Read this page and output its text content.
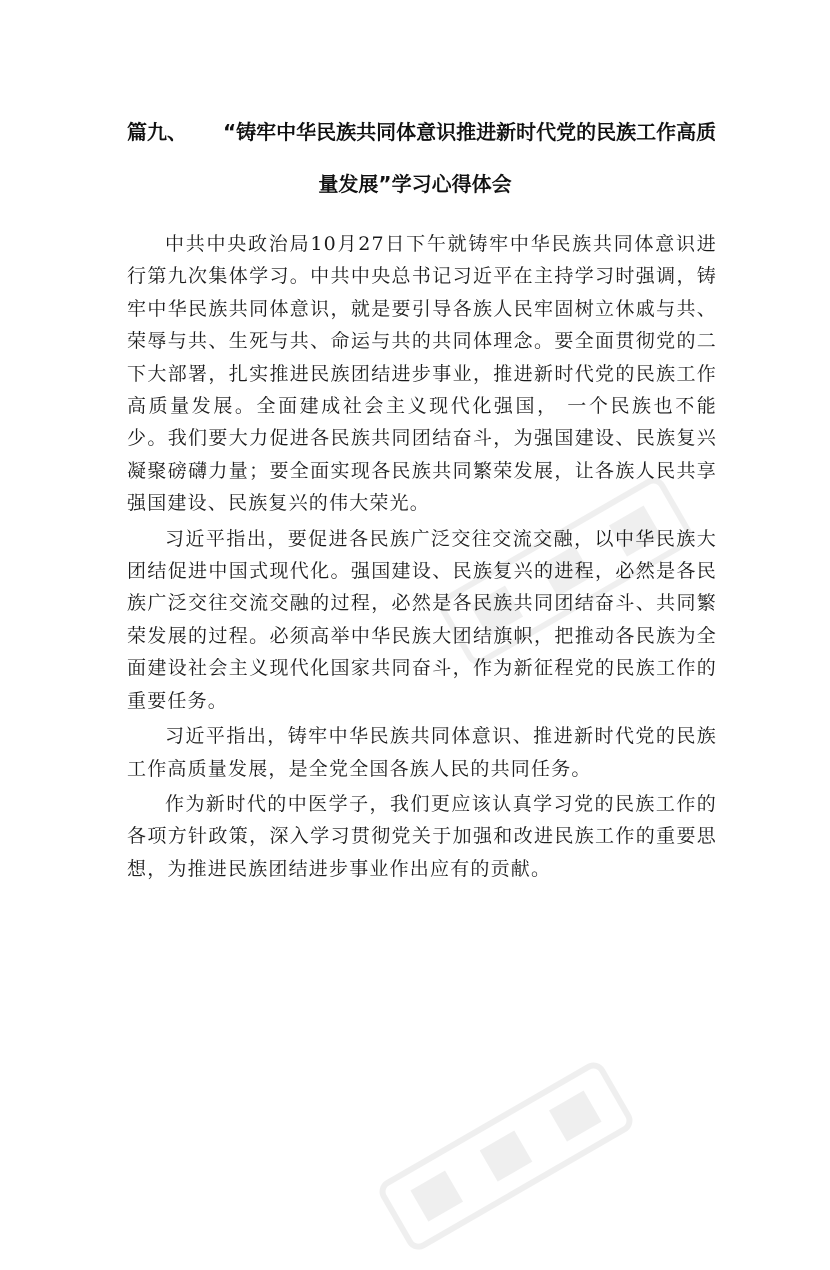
篇九、 “铸牢中华民族共同体意识推进新时代党的民族工作高质
量发展”学习心得体会

中共中央政治局10月27日下午就铸牢中华民族共同体意识进行第九次集体学习。中共中央总书记习近平在主持学习时强调，铸牢中华民族共同体意识，就是要引导各族人民牢固树立休戚与共、荣辱与共、生死与共、命运与共的共同体理念。要全面贯彻党的二下大部署，扎实推进民族团结进步事业，推进新时代党的民族工作高质量发展。全面建成社会主义现代化强国， 一个民族也不能少。我们要大力促进各民族共同团结奋斗，为强国建设、民族复兴凝聚磅礴力量；要全面实现各民族共同繁荣发展，让各族人民共享强国建设、民族复兴的伟大荣光。

习近平指出，要促进各民族广泛交往交流交融，以中华民族大团结促进中国式现代化。强国建设、民族复兴的进程，必然是各民族广泛交往交流交融的过程，必然是各民族共同团结奋斗、共同繁荣发展的过程。必须高举中华民族大团结旗帜，把推动各民族为全面建设社会主义现代化国家共同奋斗，作为新征程党的民族工作的重要任务。

习近平指出，铸牢中华民族共同体意识、推进新时代党的民族工作高质量发展，是全党全国各族人民的共同任务。

作为新时代的中医学子，我们更应该认真学习党的民族工作的各项方针政策，深入学习贯彻党关于加强和改进民族工作的重要思想，为推进民族团结进步事业作出应有的贡献。
